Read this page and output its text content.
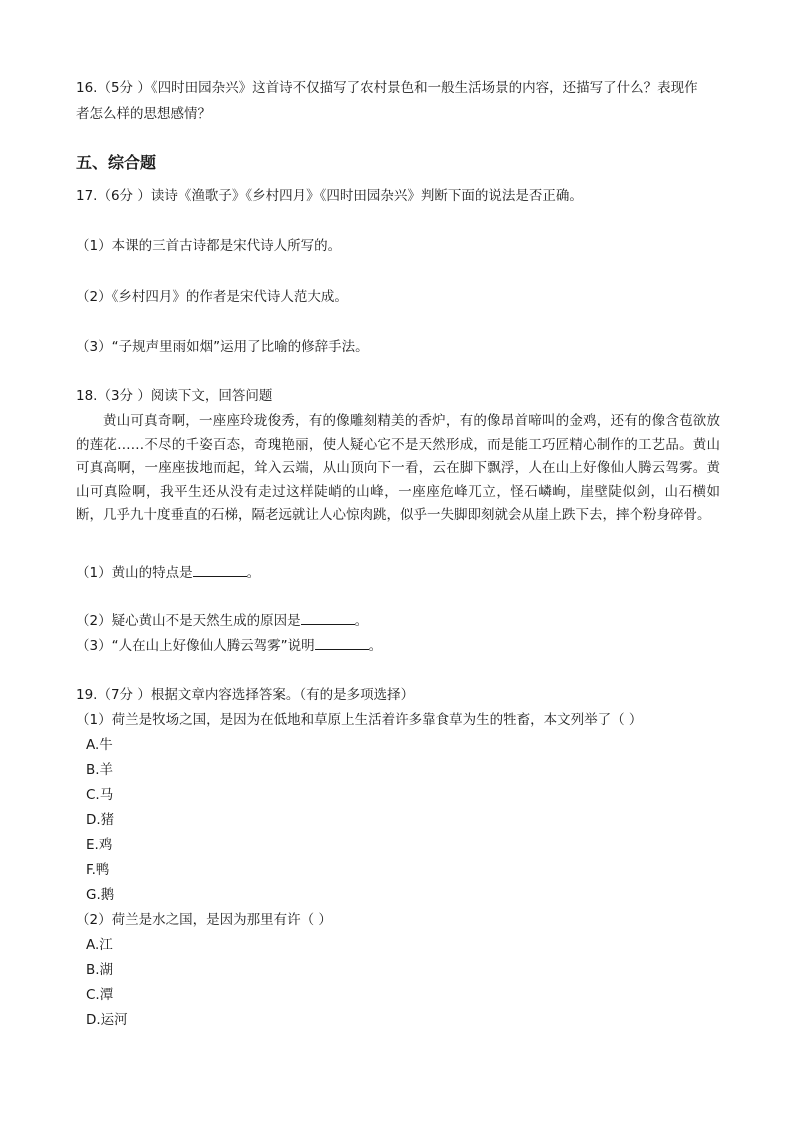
16.（5分 ）《四时田园杂兴》这首诗不仅描写了农村景色和一般生活场景的内容，还描写了什么？表现作
者怎么样的思想感情？
五、综合题
17.（6分 ）读诗《渔歌子》《乡村四月》《四时田园杂兴》判断下面的说法是否正确。
（1）本课的三首古诗都是宋代诗人所写的。
（2）《乡村四月》的作者是宋代诗人范大成。
（3）“子规声里雨如烟”运用了比喻的修辞手法。
18.（3分 ）阅读下文，回答问题
黄山可真奇啊，一座座玲珑俊秀，有的像雕刻精美的香炉，有的像昂首啼叫的金鸡，还有的像含苞欲放的莲花……不尽的千姿百态，奇瑰艳丽，使人疑心它不是天然形成，而是能工巧匠精心制作的工艺品。黄山可真高啊，一座座拔地而起，耸入云端，从山顶向下一看，云在脚下飘浮，人在山上好像仙人腾云驾雾。黄山可真险啊，我平生还从没有走过这样陡峭的山峰，一座座危峰兀立，怪石嶙峋，崖壁陡似剑，山石横如断，几乎九十度垂直的石梯，隔老远就让人心惊肉跳，似乎一失脚即刻就会从崖上跌下去，摔个粉身碎骨。
（1）黄山的特点是	。
（2）疑心黄山不是天然生成的原因是	。
（3）“人在山上好像仙人腾云驾雾”说明	。
19.（7分 ）根据文章内容选择答案。（有的是多项选择）
（1）荷兰是牧场之国，是因为在低地和草原上生活着许多靠食草为生的牲畜，本文列举了（ ）
A.牛
B.羊
C.马
D.猪
E.鸡
F.鸭
G.鹅
（2）荷兰是水之国，是因为那里有许（ ）
A.江
B.湖
C.潭
D.运河
